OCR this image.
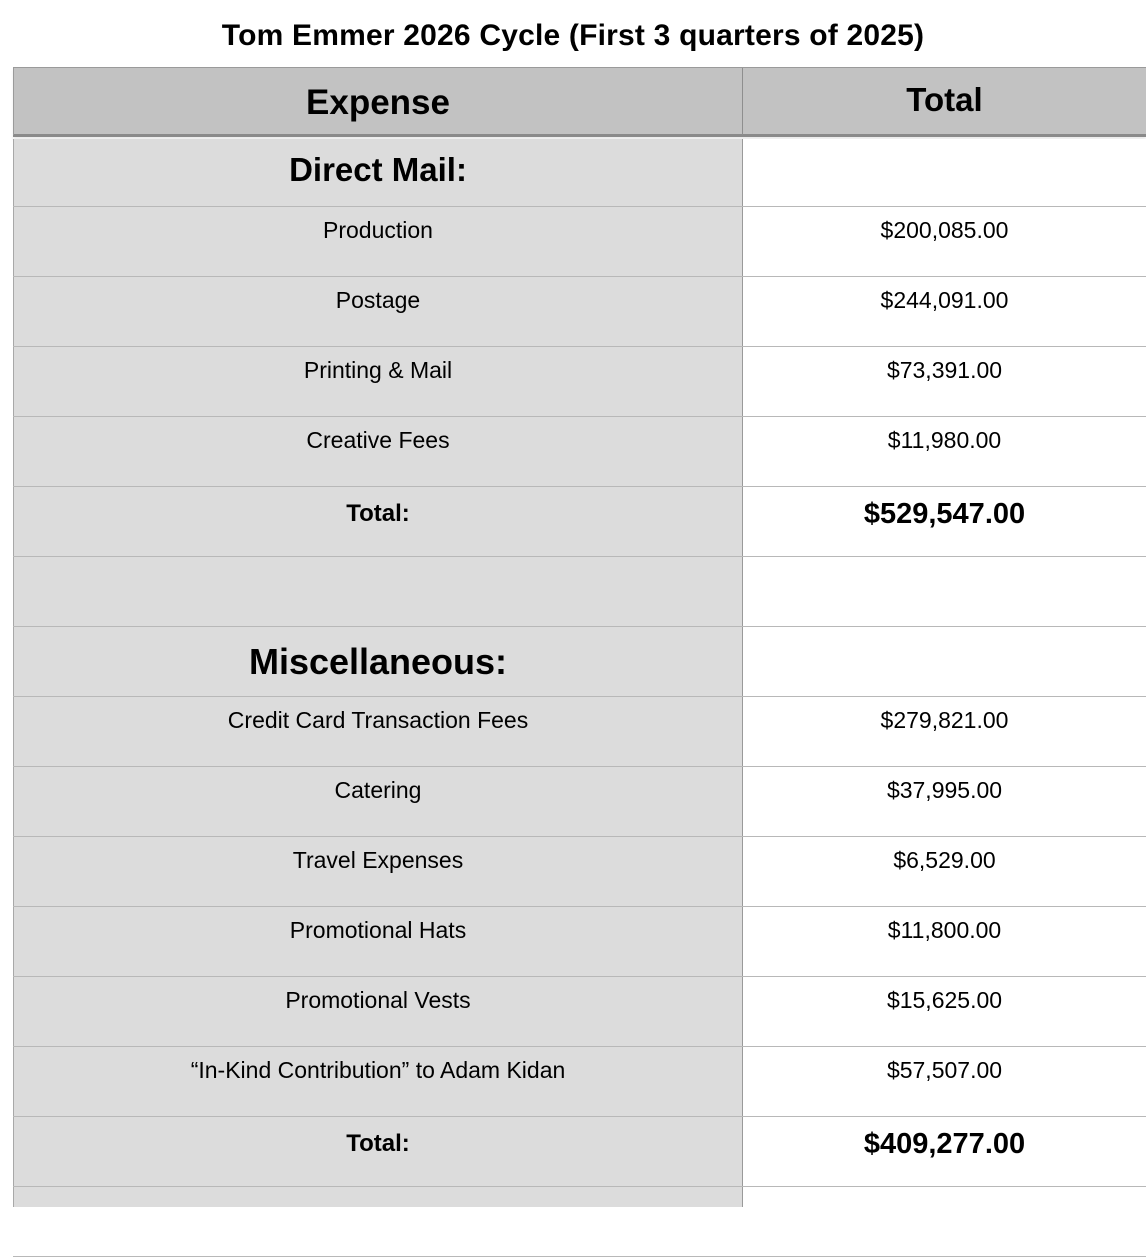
Tom Emmer 2026 Cycle (First 3 quarters of 2025)
Expense	Total
Direct Mail:
Production	$200,085.00
Postage	$244,091.00
Printing & Mail	$73,391.00
Creative Fees	$11,980.00
Total:	$529,547.00
Miscellaneous:
Credit Card Transaction Fees	$279,821.00
Catering	$37,995.00
Travel Expenses	$6,529.00
Promotional Hats	$11,800.00
Promotional Vests	$15,625.00
“In-Kind Contribution” to Adam Kidan	$57,507.00
Total:	$409,277.00
